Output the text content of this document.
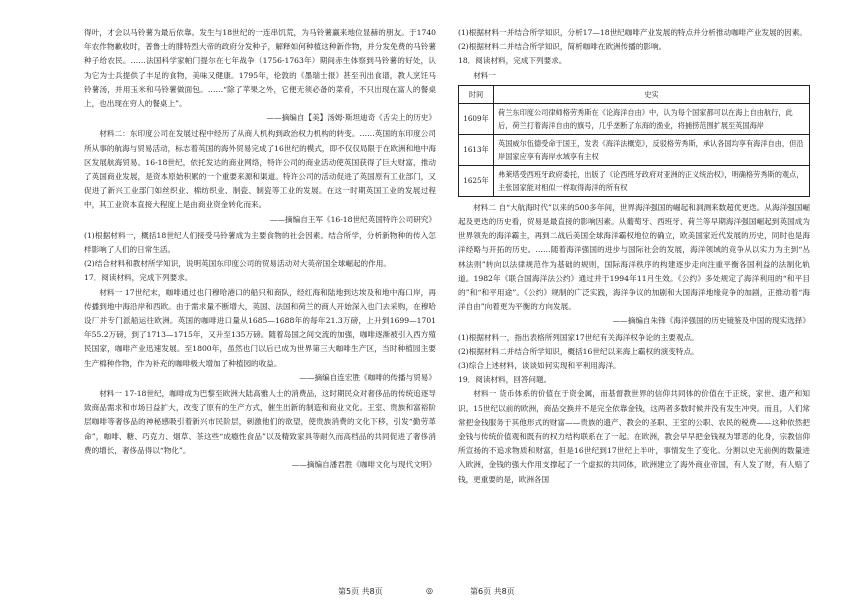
得叶，才会以马铃薯为最后依靠。发生与18世纪的一连串饥荒，为马铃薯赢来地位显赫的朋友。于1740年农作物歉收时，普鲁士的腓特烈大帝的政府分发种子，解释如何种植这种新作物，并分发免费的马铃薯种子给农民。……法国科学家帕门提尔在七年战争（1756-1763年）期间赤生体察到马铃薯的好处，认为它为士兵提供了丰足的食物，美味又健康。1795年，伦敦的《墨瑞士报》甚至刊出食谱，教人烹饪马铃薯汤，并用玉米和马铃薯做面包。……“除了苹果之外，它便无须必备的菜肴，不只出现在富人的餐桌上，也出现在穷人的餐桌上”。

——摘编自【美】汤姆·斯坦迪奇《舌尖上的历史》

材料二：东印度公司在发展过程中经历了从商人机构到政治权力机构的转变。……英国的东印度公司所从事的航海与贸易活动，标志着英国的海外贸易完成了16世纪的模式，即不仅仅局限于在欧洲和地中海区发展航海贸易。16-18世纪，依托发达的商业网络，特许公司的商业活动使英国获得了巨大财富，推动了英国商业发展，是资本原始积累的一个重要来源和渠道。特许公司的活动促进了英国原有工业部门，又促进了新兴工业部门如丝织业、棉纺织业、制瓷、制瓷等工业的发展。在这一时期英国工业的发展过程中，其工业资本直接大程度上是由商业资金转化而来。

——摘编自王军《16-18世纪英国特许公司研究》

(1)根据材料一，概括18世纪人们接受马铃薯成为主要食物的社会因素。结合所学，分析新物种的传入怎样影响了人们的日常生活。

(2)结合材料和教材所学知识，说明英国东印度公司的贸易活动对大英帝国全球崛起的作用。

17．阅读材料，完成下列要求。

材料一 17世纪末，咖啡通过也门穆哈港口的船只和商队，经红海和陆地到达埃及和地中海口岸，再传播到地中海沿岸和西欧。由于需求量不断增大，英国、法国和荷兰的商人开始深入也门去采购，在穆哈设厂并专门派船运往欧洲。英国的咖啡进口量从1685—1688年的每年21.3万磅，上升到1699—1701年55.2万磅，到了1713—1715年，又升至135万磅。随着岛国之间交流的加强，咖啡逐渐被引入西方殖民国家，咖啡产业迅速发展。至1800年，虽然也门以后已成为世界第三大咖啡生产区，当时种植园主要生产棉种作物，作为补充的咖啡极大增加了种植园的收益。

——摘编自连宏胜《咖啡的传播与贸易》

材料一 17-18世纪，咖啡成为巴黎至欧洲大陆高雅人士的消费品，这时期民众对奢侈品的传统追逐导致商品需求和市场日益扩大，改变了原有的生产方式，催生出新的制造和商业文化。王室、贵族和富裕阶层咖啡等奢侈品的神秘感吸引着新兴市民阶层，刺激他们的欲望，使贵族消费的文化下移，引发“勤劳革命”，咖啡、糖、巧克力、烟草、茶这些“成瘾性食品”以及精致家具等耐久而高档品的共同促进了奢侈消费的增长，奢侈品得以“物化”。

——摘编自潘君胜《咖啡文化与现代文明》

(1)根据材料一并结合所学知识，分析17—18世纪咖啡产业发展的特点并分析推动咖啡产业发展的因素。

(2)根据材料二并结合所学知识，简析咖啡在欧洲传播的影响。

18．阅读材料，完成下列要求。

材料一

时间	史实
1609年	荷兰东印度公司律师格劳秀斯在《论海洋自由》中，认为每个国家都可以在海上自由航行，此后，荷兰打着海洋自由的旗号，几乎垄断了东海的渔业，将捕捞范围扩展至英国海岸
1613年	英国威尔伍德受命于国王，发表《海洋法概览》，反驳格劳秀斯，承认各国均享有海洋自由，但沿岸国家应享有海岸水域享有主权
1625年	弗莱塔受西班牙政府委托，出版了《论西班牙政府对亚洲的正义统治权》，明确格劳秀斯的观点，主张国家能对相似一样取得海洋的所有权

材料二 自“大航海时代”以来的500多年间，世界海洋强国的崛起和洞测来数超优更迭。从海洋强国崛起及更迭的历史看，贸易是最直接的影响因素。从葡萄牙、西班牙、荷兰等早期海洋强国崛起到英国成为世界领先的海洋霸主，再到二战后美国全球海洋霸权地位的确立，欧美国家近代发展的历史，同时也是海洋经略与开拓的历史。……随着海洋强国的进步与国际社会的发展，海洋领域的竞争从以实力为主到“丛林法则”转向以法律规范作为基础的规则，国际海洋秩序的构建逐步走向注重平衡各国利益的法制化轨道。1982年《联合国海洋法公约》通过并于1994年11月生效。《公约》多处规定了海洋利用的“和平目的”和“和平用途”。《公约》规制的广泛实践，海洋争议的加剧和大国海洋地缘竞争的加剧，正推动着“海洋自由”向着更为平衡的方向发展。

——摘编自朱锋《海洋强国的历史镜鉴及中国的现实选择》

(1)根据材料一，指出表格所列国家17世纪有关海洋权争论的主要观点。

(2)根据材料二并结合所学知识，概括16世纪以来海上霸权的演变特点。

(3)综合上述材料，谈谈如何实现和平利用海洋。

19．阅读材料，回答问题。

材料一 货币体系的价值在于资金属，而基督教世界的信仰共同体的价值在于正统、家世、遗产和知识。15世纪以前的欧洲，商品交换并不是完全依靠金钱，这两者多数时候并没有发生冲突。而且，人们常常把金钱服务于其他形式的财富——贵族的遗产、教会的圣职、王室的公职、农民的税费——这种依然把金钱与传统价值观和既有的权力结构联系在了一起。在欧洲，教会早早把金钱视为罪恶的化身，宗教信仰所宣扬的不追求物质和财富，但是16世纪到17世纪上半叶，事情发生了变化。分割以史无前例的数量进入欧洲，金钱的强大作用支撑起了一个虚拟的共同体，欧洲建立了海外商业帝国，有人发了财，有人赔了钱，更重要的是，欧洲各国

第5页 共8页	◎	第6页 共8页
